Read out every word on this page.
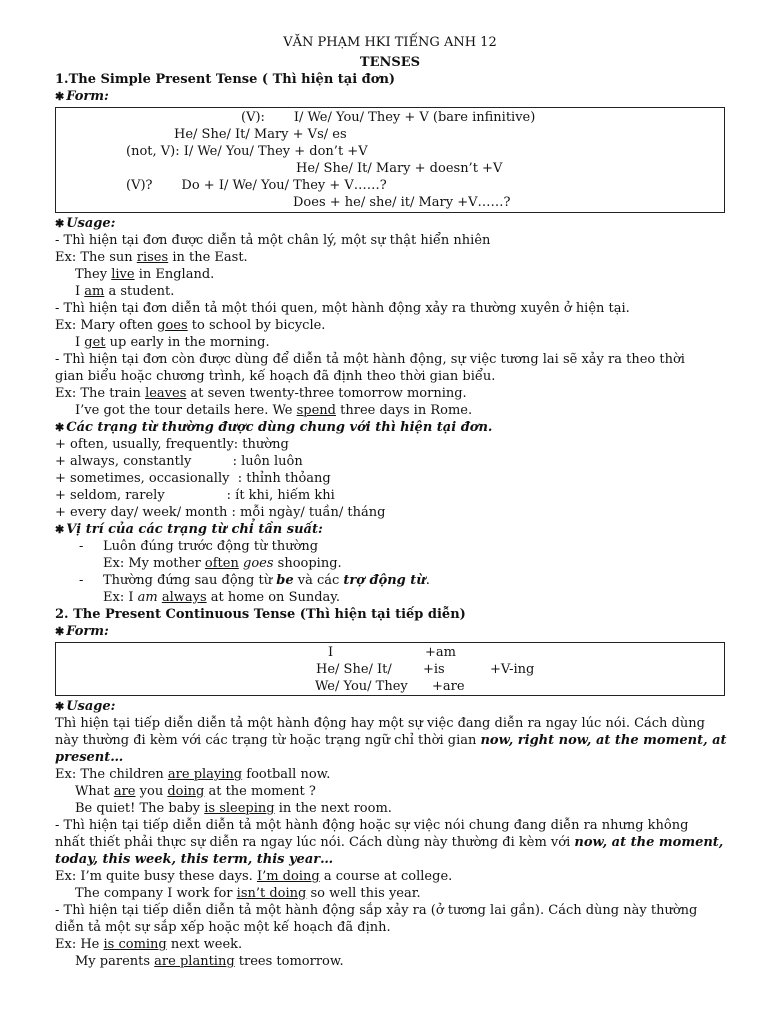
VĂN PHẠM HKI TIẾNG ANH 12
TENSES
1.The Simple Present Tense ( Thì hiện tại đơn)
✱ Form:
(V):       I/ We/ You/ They + V (bare infinitive)
He/ She/ It/ Mary + Vs/ es
(not, V): I/ We/ You/ They + don’t +V
He/ She/ It/ Mary + doesn’t +V
(V)?       Do + I/ We/ You/ They + V……?
Does + he/ she/ it/ Mary +V……?
✱ Usage:
- Thì hiện tại đơn được diễn tả một chân lý, một sự thật hiển nhiên
Ex: The sun rises in the East.
They live in England.
I am a student.
- Thì hiện tại đơn diễn tả một thói quen, một hành động xảy ra thường xuyên ở hiện tại.
Ex: Mary often goes to school by bicycle.
I get up early in the morning.
- Thì hiện tại đơn còn được dùng để diễn tả một hành động, sự việc tương lai sẽ xảy ra theo thời
gian biểu hoặc chương trình, kế hoạch đã định theo thời gian biểu.
Ex: The train leaves at seven twenty-three tomorrow morning.
I’ve got the tour details here. We spend three days in Rome.
✱ Các trạng từ thường được dùng chung với thì hiện tại đơn.
+ often, usually, frequently: thường
+ always, constantly          : luôn luôn
+ sometimes, occasionally  : thỉnh thỏang
+ seldom, rarely               : ít khi, hiếm khi
+ every day/ week/ month : mỗi ngày/ tuần/ tháng
✱ Vị trí của các trạng từ chỉ tần suất:
- Luôn đúng trước động từ thường
Ex: My mother often goes shooping.
- Thường đứng sau động từ be và các trợ động từ.
Ex: I am always at home on Sunday.
2. The Present Continuous Tense (Thì hiện tại tiếp diễn)
✱ Form:
I	+am
He/ She/ It/ +is	+V-ing
We/ You/ They +are
✱ Usage:
Thì hiện tại tiếp diễn diễn tả một hành động hay một sự việc đang diễn ra ngay lúc nói. Cách dùng
này thường đi kèm với các trạng từ hoặc trạng ngữ chỉ thời gian now, right now, at the moment, at
present…
Ex: The children are playing football now.
What are you doing at the moment ?
Be quiet! The baby is sleeping in the next room.
- Thì hiện tại tiếp diễn diễn tả một hành động hoặc sự việc nói chung đang diễn ra nhưng không
nhất thiết phải thực sự diễn ra ngay lúc nói. Cách dùng này thường đi kèm với now, at the moment,
today, this week, this term, this year…
Ex: I’m quite busy these days. I’m doing a course at college.
The company I work for isn’t doing so well this year.
- Thì hiện tại tiếp diễn diễn tả một hành động sắp xảy ra (ở tương lai gần). Cách dùng này thường
diễn tả một sự sắp xếp hoặc một kế hoạch đã định.
Ex: He is coming next week.
My parents are planting trees tomorrow.
